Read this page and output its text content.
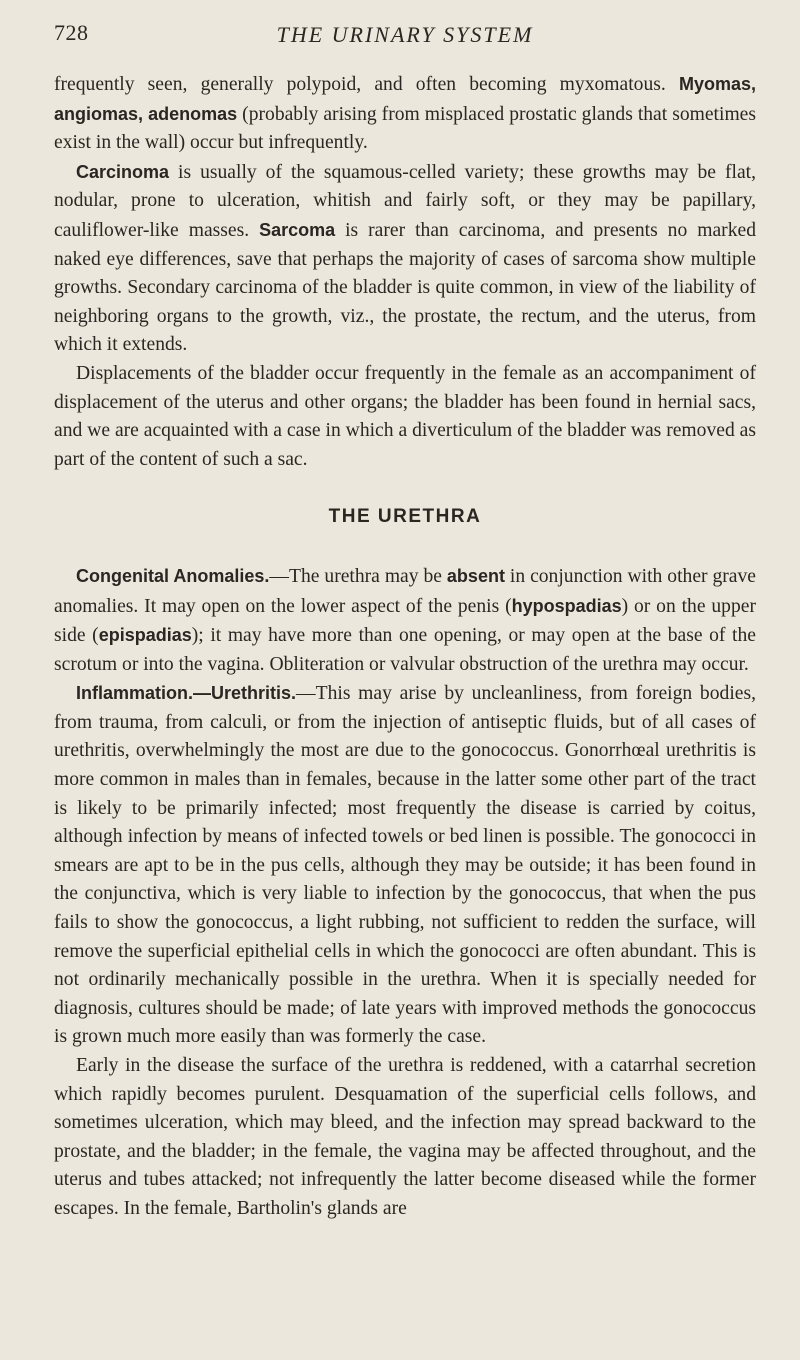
728	THE URINARY SYSTEM

frequently seen, generally polypoid, and often becoming myxomatous. Myomas, angiomas, adenomas (probably arising from misplaced prostatic glands that sometimes exist in the wall) occur but infrequently.

Carcinoma is usually of the squamous-celled variety; these growths may be flat, nodular, prone to ulceration, whitish and fairly soft, or they may be papillary, cauliflower-like masses. Sarcoma is rarer than carcinoma, and presents no marked naked eye differences, save that perhaps the majority of cases of sarcoma show multiple growths. Secondary carcinoma of the bladder is quite common, in view of the liability of neighboring organs to the growth, viz., the prostate, the rectum, and the uterus, from which it extends.

Displacements of the bladder occur frequently in the female as an accompaniment of displacement of the uterus and other organs; the bladder has been found in hernial sacs, and we are acquainted with a case in which a diverticulum of the bladder was removed as part of the content of such a sac.

THE URETHRA

Congenital Anomalies.—The urethra may be absent in conjunction with other grave anomalies. It may open on the lower aspect of the penis (hypospadias) or on the upper side (epispadias); it may have more than one opening, or may open at the base of the scrotum or into the vagina. Obliteration or valvular obstruction of the urethra may occur.

Inflammation.—Urethritis.—This may arise by uncleanliness, from foreign bodies, from trauma, from calculi, or from the injection of antiseptic fluids, but of all cases of urethritis, overwhelmingly the most are due to the gonococcus. Gonorrhœal urethritis is more common in males than in females, because in the latter some other part of the tract is likely to be primarily infected; most frequently the disease is carried by coitus, although infection by means of infected towels or bed linen is possible. The gonococci in smears are apt to be in the pus cells, although they may be outside; it has been found in the conjunctiva, which is very liable to infection by the gonococcus, that when the pus fails to show the gonococcus, a light rubbing, not sufficient to redden the surface, will remove the superficial epithelial cells in which the gonococci are often abundant. This is not ordinarily mechanically possible in the urethra. When it is specially needed for diagnosis, cultures should be made; of late years with improved methods the gonococcus is grown much more easily than was formerly the case.

Early in the disease the surface of the urethra is reddened, with a catarrhal secretion which rapidly becomes purulent. Desquamation of the superficial cells follows, and sometimes ulceration, which may bleed, and the infection may spread backward to the prostate, and the bladder; in the female, the vagina may be affected throughout, and the uterus and tubes attacked; not infrequently the latter become diseased while the former escapes. In the female, Bartholin's glands are
